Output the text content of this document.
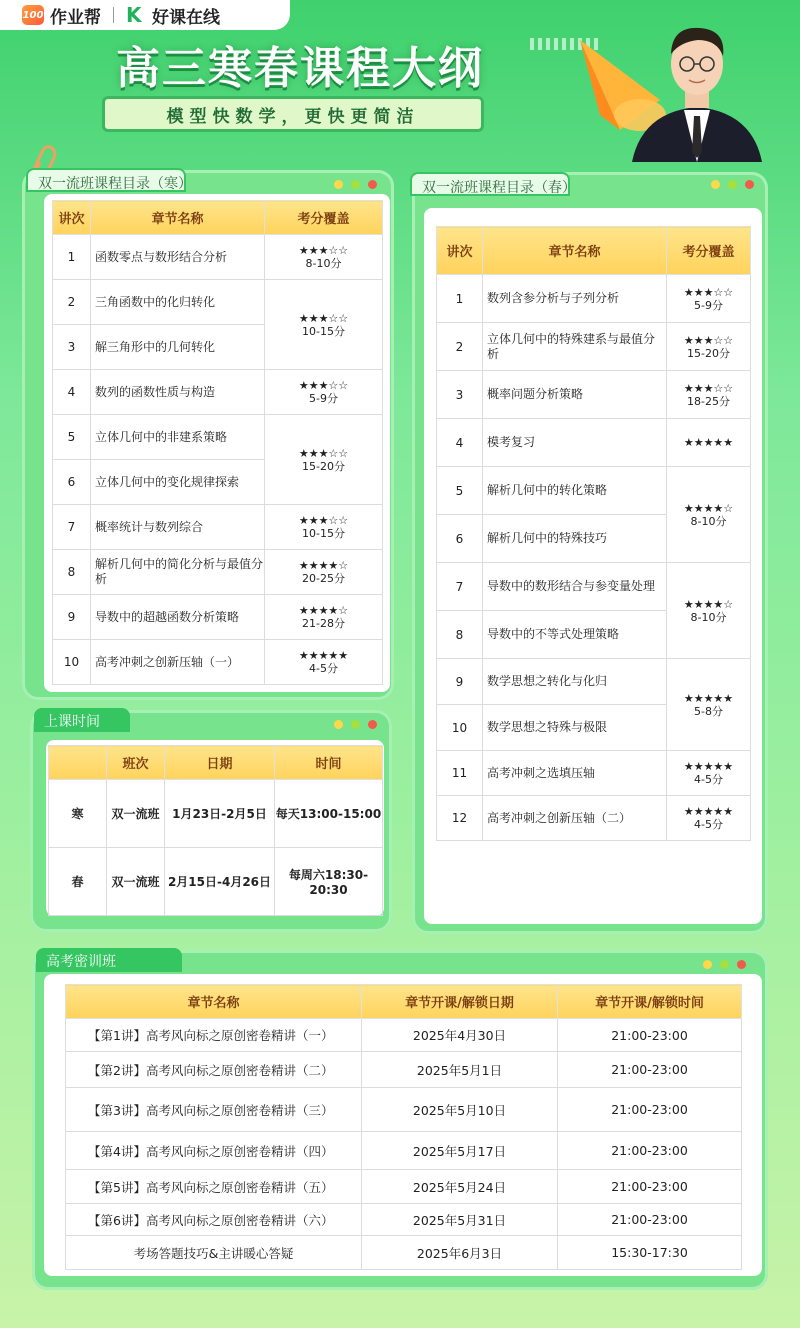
100 作业帮 K 好课在线
高三寒春课程大纲
模型快数学，更快更简洁
双一流班课程目录（寒）
讲次	章节名称	考分覆盖
1	函数零点与数形结合分析	★★★☆☆
8-10分

2	三角函数中的化归转化	★★★☆☆
10-15分

3	解三角形中的几何转化	
4	数列的函数性质与构造	★★★☆☆
5-9分

5	立体几何中的非建系策略	★★★☆☆
15-20分

6	立体几何中的变化规律探索	
7	概率统计与数列综合	★★★☆☆
10-15分

8	解析几何中的简化分析与最值分析	★★★★☆
20-25分

9	导数中的超越函数分析策略	★★★★☆
21-28分

10	高考冲刺之创新压轴（一）	★★★★★
4-5分
上课时间
	班次	日期	时间
寒	双一流班	1月23日-2月5日	每天13:00-15:00
春	双一流班	2月15日-4月26日	每周六18:30-20:30
双一流班课程目录（春）
讲次	章节名称	考分覆盖
1	数列含参分析与子列分析	★★★☆☆
5-9分

2	立体几何中的特殊建系与最值分析	★★★☆☆
15-20分

3	概率问题分析策略	★★★☆☆
18-25分

4	模考复习	★★★★★

5	解析几何中的转化策略	★★★★☆
8-10分

6	解析几何中的特殊技巧	
7	导数中的数形结合与参变量处理	★★★★☆
8-10分

8	导数中的不等式处理策略	
9	数学思想之转化与化归	★★★★★
5-8分

10	数学思想之特殊与极限	
11	高考冲刺之选填压轴	★★★★★
4-5分

12	高考冲刺之创新压轴（二）	★★★★★
4-5分
高考密训班
章节名称	章节开课/解锁日期	章节开课/解锁时间
【第1讲】高考风向标之原创密卷精讲（一）	2025年4月30日	21:00-23:00
【第2讲】高考风向标之原创密卷精讲（二）	2025年5月1日	21:00-23:00
【第3讲】高考风向标之原创密卷精讲（三）	2025年5月10日	21:00-23:00
【第4讲】高考风向标之原创密卷精讲（四）	2025年5月17日	21:00-23:00
【第5讲】高考风向标之原创密卷精讲（五）	2025年5月24日	21:00-23:00
【第6讲】高考风向标之原创密卷精讲（六）	2025年5月31日	21:00-23:00
考场答题技巧&主讲暖心答疑	2025年6月3日	15:30-17:30
